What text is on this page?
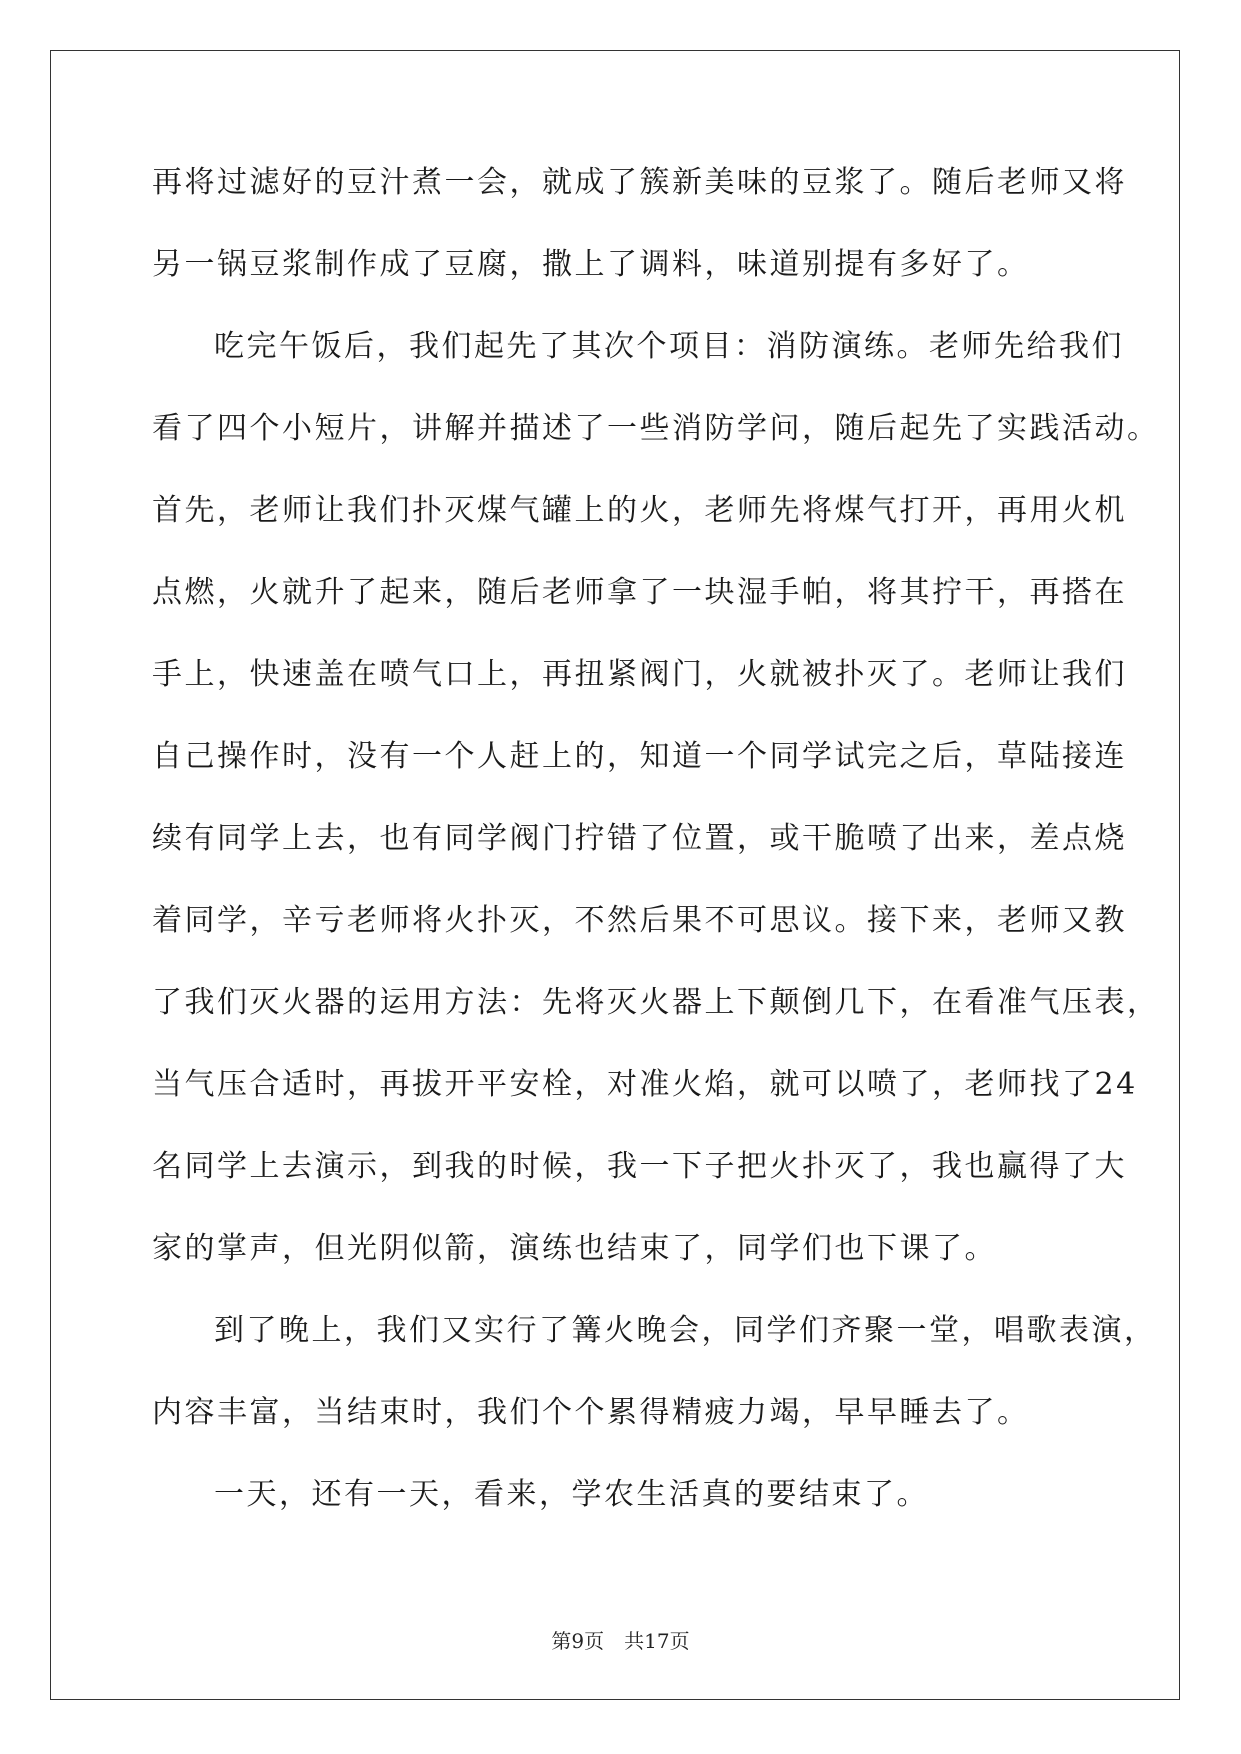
再将过滤好的豆汁煮一会，就成了簇新美味的豆浆了。随后老师又将
另一锅豆浆制作成了豆腐，撒上了调料，味道别提有多好了。
吃完午饭后，我们起先了其次个项目：消防演练。老师先给我们
看了四个小短片，讲解并描述了一些消防学问，随后起先了实践活动。
首先，老师让我们扑灭煤气罐上的火，老师先将煤气打开，再用火机
点燃，火就升了起来，随后老师拿了一块湿手帕，将其拧干，再搭在
手上，快速盖在喷气口上，再扭紧阀门，火就被扑灭了。老师让我们
自己操作时，没有一个人赶上的，知道一个同学试完之后，草陆接连
续有同学上去，也有同学阀门拧错了位置，或干脆喷了出来，差点烧
着同学，辛亏老师将火扑灭，不然后果不可思议。接下来，老师又教
了我们灭火器的运用方法：先将灭火器上下颠倒几下，在看准气压表，
当气压合适时，再拔开平安栓，对准火焰，就可以喷了，老师找了24
名同学上去演示，到我的时候，我一下子把火扑灭了，我也赢得了大
家的掌声，但光阴似箭，演练也结束了，同学们也下课了。
到了晚上，我们又实行了篝火晚会，同学们齐聚一堂，唱歌表演，
内容丰富，当结束时，我们个个累得精疲力竭，早早睡去了。
一天，还有一天，看来，学农生活真的要结束了。
第9页 共17页
